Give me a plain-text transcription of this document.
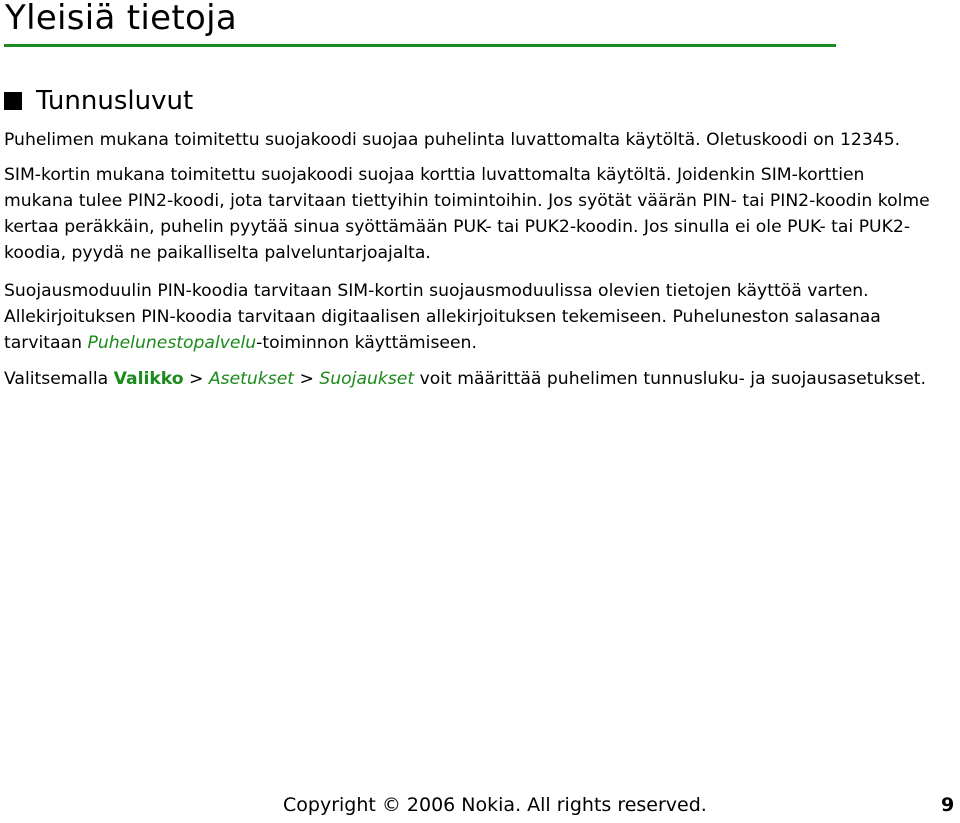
Yleisiä tietoja
Tunnusluvut

Puhelimen mukana toimitettu suojakoodi suojaa puhelinta luvattomalta käytöltä. Oletuskoodi on 12345.

SIM-kortin mukana toimitettu suojakoodi suojaa korttia luvattomalta käytöltä. Joidenkin SIM-korttien
mukana tulee PIN2-koodi, jota tarvitaan tiettyihin toimintoihin. Jos syötät väärän PIN- tai PIN2-koodin kolme
kertaa peräkkäin, puhelin pyytää sinua syöttämään PUK- tai PUK2-koodin. Jos sinulla ei ole PUK- tai PUK2-
koodia, pyydä ne paikalliselta palveluntarjoajalta.

Suojausmoduulin PIN-koodia tarvitaan SIM-kortin suojausmoduulissa olevien tietojen käyttöä varten.
Allekirjoituksen PIN-koodia tarvitaan digitaalisen allekirjoituksen tekemiseen. Puheluneston salasanaa
tarvitaan Puhelunestopalvelu-toiminnon käyttämiseen.

Valitsemalla Valikko > Asetukset > Suojaukset voit määrittää puhelimen tunnusluku- ja suojausasetukset.

Copyright © 2006 Nokia. All rights reserved.	9
